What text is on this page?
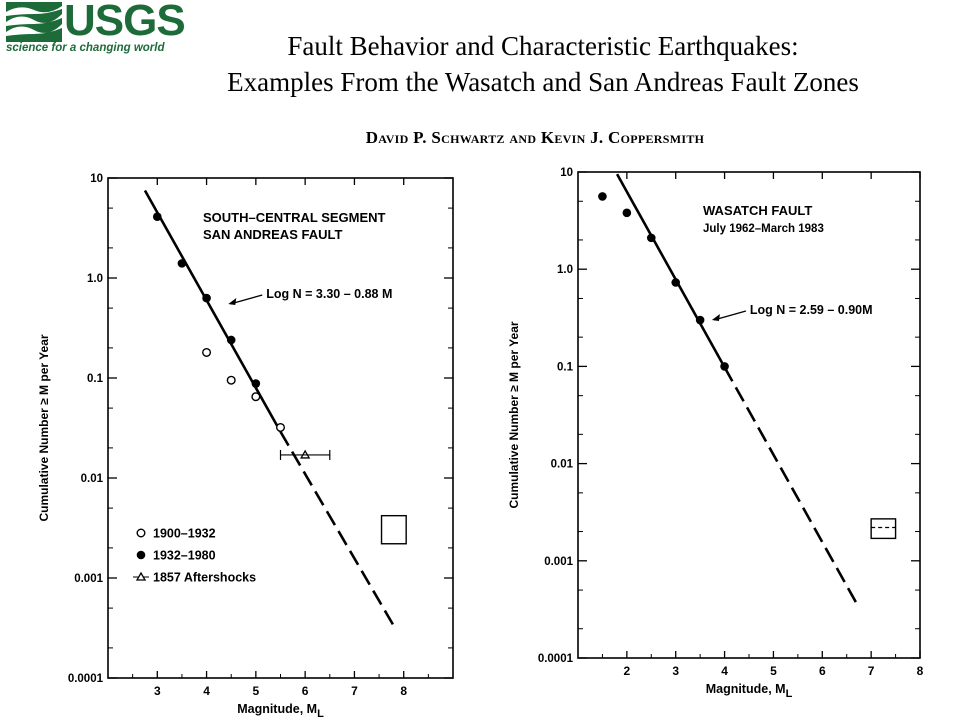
USGS
science for a changing world	Fault Behavior and Characteristic Earthquakes:
Examples From the Wasatch and San Andreas Fault Zones
David P. Schwartz and Kevin J. Coppersmith
3	4	5	6	7	8
10
1.0
0.1
0.01
0.001
0.0001
Magnitude, ML
Cumulative Number ≥ M per Year
SOUTH–CENTRAL SEGMENT
SAN ANDREAS FAULT
Log N = 3.30 – 0.88 M
1900–1932
1932–1980
1857 Aftershocks
2	3	4	5	6	7	8
10
1.0
0.1
0.01
0.001
0.0001
Magnitude, ML
Cumulative Number ≥ M per Year
WASATCH FAULT
July 1962–March 1983
Log N = 2.59 – 0.90M
